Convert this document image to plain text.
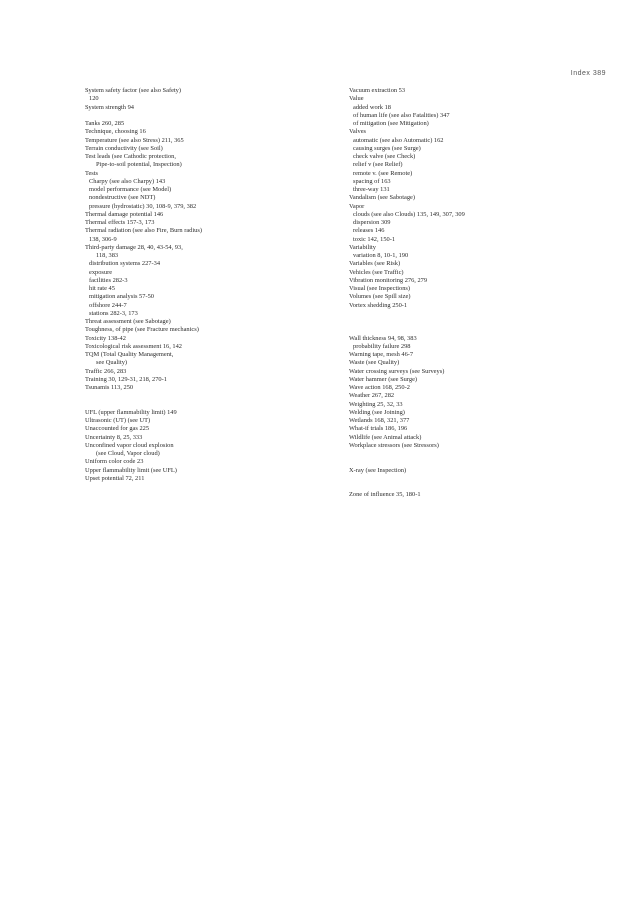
Index 389
System safety factor (see also Safety)
120
System strength 94
Tanks 260, 285
Technique, choosing 16
Temperature (see also Stress) 211, 365
Terrain conductivity (see Soil)
Test leads (see Cathodic protection,
Pipe-to-soil potential, Inspection)
Tests
Charpy (see also Charpy) 143
model performance (see Model)
nondestructive (see NDT)
pressure (hydrostatic) 30, 108-9, 379, 382
Thermal damage potential 146
Thermal effects 157-3, 173
Thermal radiation (see also Fire, Burn radius)
138, 306-9
Third-party damage 28, 40, 43-54, 93,
118, 383
distribution systems 227-34
exposure
facilities 282-3
hit rate 45
mitigation analysis 57-50
offshore 244-7
stations 282-3, 173
Threat assessment (see Sabotage)
Toughness, of pipe (see Fracture mechanics)
Toxicity 138-42
Toxicological risk assessment 16, 142
TQM (Total Quality Management,
see Quality)
Traffic 266, 283
Training 30, 129-31, 218, 270-1
Tsunamis 113, 250
UFL (upper flammability limit) 149
Ultrasonic (UT) (see UT)
Unaccounted for gas 225
Uncertainty 8, 25, 333
Unconfined vapor cloud explosion
(see Cloud, Vapor cloud)
Uniform color code 23
Upper flammability limit (see UFL)
Upset potential 72, 211
Vacuum extraction 53
Value
added work 18
of human life (see also Fatalities) 347
of mitigation (see Mitigation)
Valves
automatic (see also Automatic) 162
causing surges (see Surge)
check valve (see Check)
relief v (see Relief)
remote v. (see Remote)
spacing of 163
three-way 131
Vandalism (see Sabotage)
Vapor
clouds (see also Clouds) 135, 149, 307, 309
dispersion 309
releases 146
toxic 142, 150-1
Variability
variation 8, 10-1, 190
Variables (see Risk)
Vehicles (see Traffic)
Vibration monitoring 276, 279
Visual (see Inspections)
Volumes (see Spill size)
Vortex shedding 250-1
Wall thickness 94, 98, 383
probability failure 298
Warning tape, mesh 46-7
Waste (see Quality)
Water crossing surveys (see Surveys)
Water hammer (see Surge)
Wave action 168, 250-2
Weather 267, 282
Weighting 25, 32, 33
Welding (see Joining)
Wetlands 168, 321, 377
What-if trials 186, 196
Wildlife (see Animal attack)
Workplace stressors (see Stressors)
X-ray (see Inspection)
Zone of influence 35, 180-1
